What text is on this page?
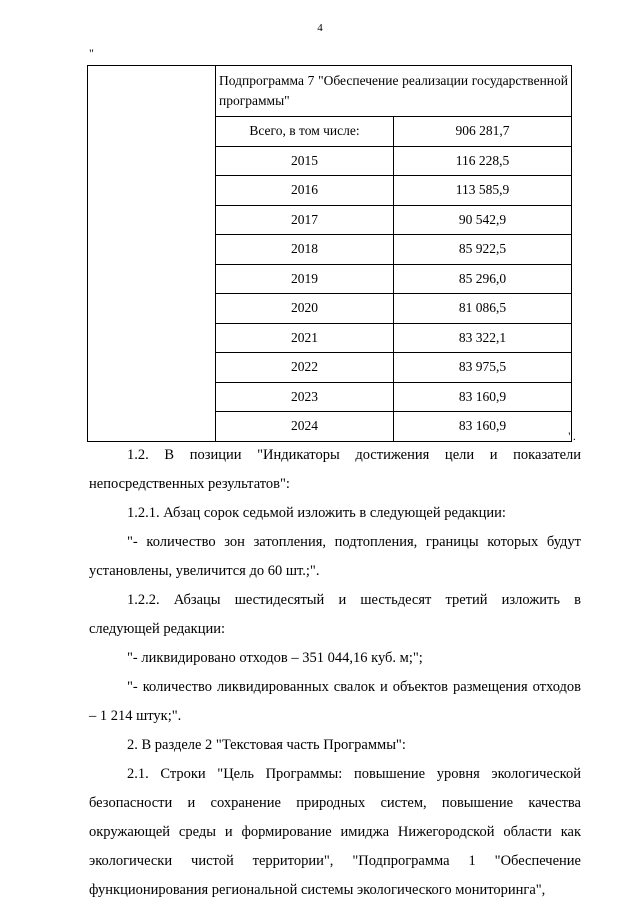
4
"
	Подпрограмма 7 "Обеспечение реализации государственной программы"	
	Всего, в том числе:	906 281,7
	2015	116 228,5
	2016	113 585,9
	2017	90 542,9
	2018	85 922,5
	2019	85 296,0
	2020	81 086,5
	2021	83 322,1
	2022	83 975,5
	2023	83 160,9
	2024	83 160,9
".

1.2. В позиции "Индикаторы достижения цели и показатели непосредственных результатов":

1.2.1. Абзац сорок седьмой изложить в следующей редакции:

"- количество зон затопления, подтопления, границы которых будут установлены, увеличится до 60 шт.;".

1.2.2. Абзацы шестидесятый и шестьдесят третий изложить в следующей редакции:

"- ликвидировано отходов – 351 044,16 куб. м;";

"- количество ликвидированных свалок и объектов размещения отходов – 1 214 штук;".

2. В разделе 2 "Текстовая часть Программы":

2.1. Строки "Цель Программы: повышение уровня экологической безопасности и сохранение природных систем, повышение качества окружающей среды и формирование имиджа Нижегородской области как экологически чистой территории", "Подпрограмма 1 "Обеспечение функционирования региональной системы экологического мониторинга",
